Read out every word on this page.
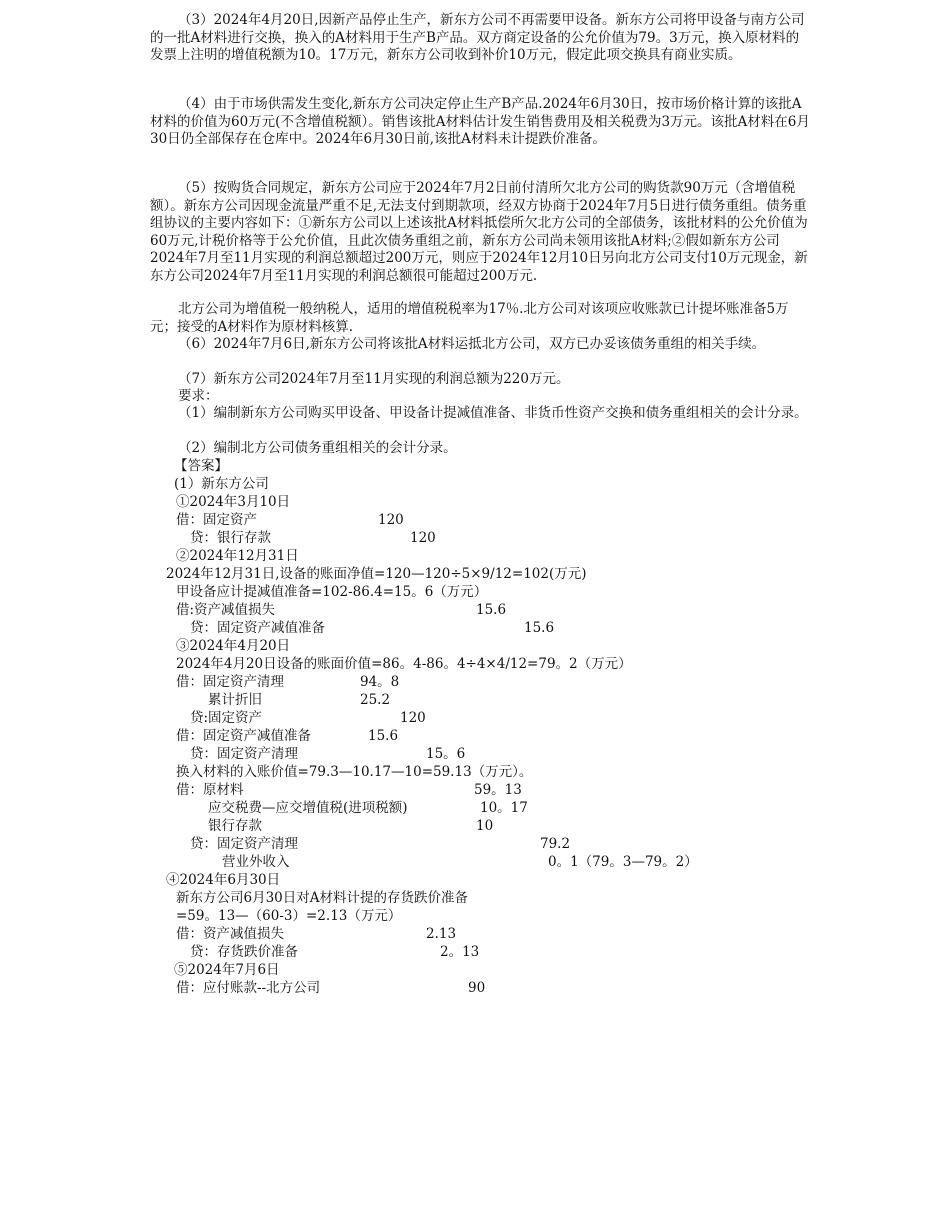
（3）2024年4月20日,因新产品停止生产，新东方公司不再需要甲设备。新东方公司将甲设备与南方公司的一批A材料进行交换，换入的A材料用于生产B产品。双方商定设备的公允价值为79。3万元，换入原材料的发票上注明的增值税额为10。17万元，新东方公司收到补价10万元，假定此项交换具有商业实质。

（4）由于市场供需发生变化,新东方公司决定停止生产B产品.2024年6月30日，按市场价格计算的该批A材料的价值为60万元(不含增值税额）。销售该批A材料估计发生销售费用及相关税费为3万元。该批A材料在6月30日仍全部保存在仓库中。2024年6月30日前,该批A材料未计提跌价准备。

（5）按购货合同规定，新东方公司应于2024年7月2日前付清所欠北方公司的购货款90万元（含增值税额）。新东方公司因现金流量严重不足,无法支付到期款项，经双方协商于2024年7月5日进行债务重组。债务重组协议的主要内容如下：①新东方公司以上述该批A材料抵偿所欠北方公司的全部债务，该批材料的公允价值为60万元,计税价格等于公允价值，且此次债务重组之前，新东方公司尚未领用该批A材料;②假如新东方公司2024年7月至11月实现的利润总额超过200万元，则应于2024年12月10日另向北方公司支付10万元现金，新东方公司2024年7月至11月实现的利润总额很可能超过200万元.

北方公司为增值税一般纳税人，适用的增值税税率为17％.北方公司对该项应收账款已计提坏账准备5万元；接受的A材料作为原材料核算.

（6）2024年7月6日,新东方公司将该批A材料运抵北方公司，双方已办妥该债务重组的相关手续。

（7）新东方公司2024年7月至11月实现的利润总额为220万元。

要求：

（1）编制新东方公司购买甲设备、甲设备计提减值准备、非货币性资产交换和债务重组相关的会计分录。

（2）编制北方公司债务重组相关的会计分录。

【答案】
(1）新东方公司
①2024年3月10日
借：固定资产	120
贷：银行存款	120
②2024年12月31日
2024年12月31日,设备的账面净值=120—120÷5×9/12=102(万元)
甲设备应计提减值准备=102-86.4=15。6（万元）
借:资产减值损失	15.6
贷：固定资产减值准备	15.6
③2024年4月20日
2024年4月20日设备的账面价值=86。4-86。4÷4×4/12=79。2（万元）
借：固定资产清理	94。8
累计折旧	25.2
贷:固定资产	120
借：固定资产减值准备	15.6
贷：固定资产清理	15。6
换入材料的入账价值=79.3—10.17—10=59.13（万元）。
借：原材料	59。13
应交税费—应交增值税(进项税额)	10。17
银行存款	10
贷：固定资产清理	79.2
营业外收入	0。1（79。3—79。2）
④2024年6月30日
新东方公司6月30日对A材料计提的存货跌价准备
=59。13—（60-3）=2.13（万元）
借：资产减值损失	2.13
贷：存货跌价准备	2。13
⑤2024年7月6日
借：应付账款--北方公司	90
